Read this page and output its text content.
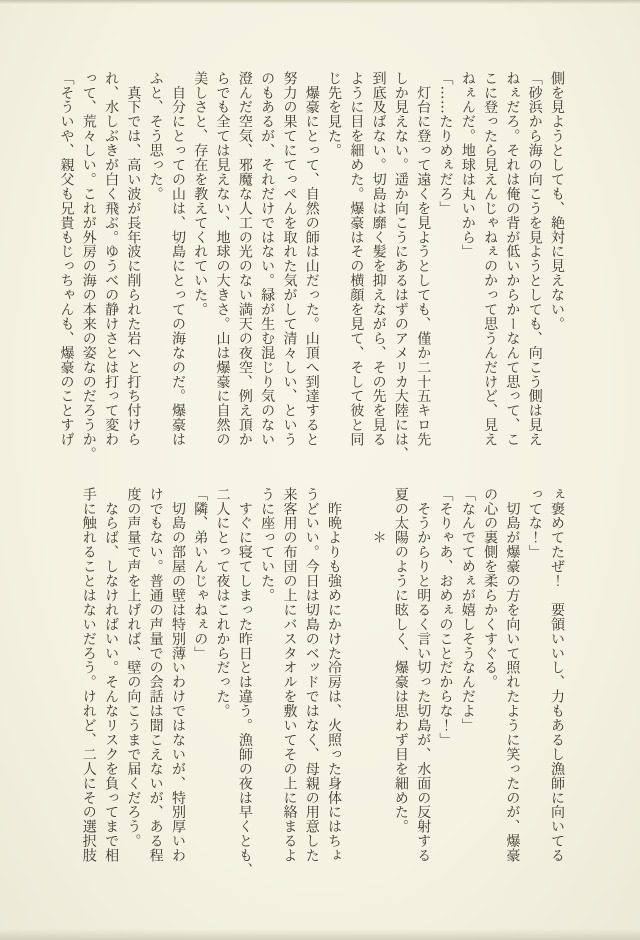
側を見ようとしても、絶対に見えない。

「砂浜から海の向こうを見ようとしても、向こう側は見え

ねぇだろ。それは俺の背が低いからかーなんて思って、こ

こに登ったら見えんじゃねぇのかって思うんだけど、見え

ねぇんだ。地球は丸いから」

「……たりめぇだろ」

　灯台に登って遠くを見ようとしても、僅か二十五キロ先

しか見えない。遥か向こうにあるはずのアメリカ大陸には、

到底及ばない。切島は靡く髪を抑えながら、その先を見る

ように目を細めた。爆豪はその横顔を見て、そして彼と同

じ先を見た。

　爆豪にとって、自然の師は山だった。山頂へ到達すると

努力の果てにてっぺんを取れた気がして清々しい、という

のもあるが、それだけではない。緑が生む混じり気のない

澄んだ空気、邪魔な人工の光のない満天の夜空、例え頂か

らでも全ては見えない、地球の大きさ。山は爆豪に自然の

美しさと、存在を教えてくれていた。

　自分にとっての山は、切島にとっての海なのだ。爆豪は

ふと、そう思った。

　真下では、高い波が長年波に削られた岩へと打ち付けら

れ、水しぶきが白く飛ぶ。ゆうべの静けさとは打って変わ

って、荒々しい。これが外房の海の本来の姿なのだろうか。

「そういや、親父も兄貴もじっちゃんも、爆豪のことすげ

ぇ褒めてたぜ！　要領いいし、力もあるし漁師に向いてる

ってな！」

　切島が爆豪の方を向いて照れたように笑ったのが、爆豪

の心の裏側を柔らかくすぐる。

「なんでてめぇが嬉しそうなんだよ」

「そりゃあ、おめぇのことだからな！」

　そうからりと明るく言い切った切島が、水面の反射する

夏の太陽のように眩しく、爆豪は思わず目を細めた。

　　　＊

　昨晩よりも強めにかけた冷房は、火照った身体にはちょ

うどいい。今日は切島のベッドではなく、母親の用意した

来客用の布団の上にバスタオルを敷いてその上に絡まるよ

うに座っていた。

　すぐに寝てしまった昨日とは違う。漁師の夜は早くとも、

二人にとって夜はこれからだった。

「隣、弟いんじゃねぇの」

　切島の部屋の壁は特別薄いわけではないが、特別厚いわ

けでもない。普通の声量での会話は聞こえないが、ある程

度の声量で声を上げれば、壁の向こうまで届くだろう。

　ならば、しなければいい。そんなリスクを負ってまで相

手に触れることはないだろう。けれど、二人にその選択肢
